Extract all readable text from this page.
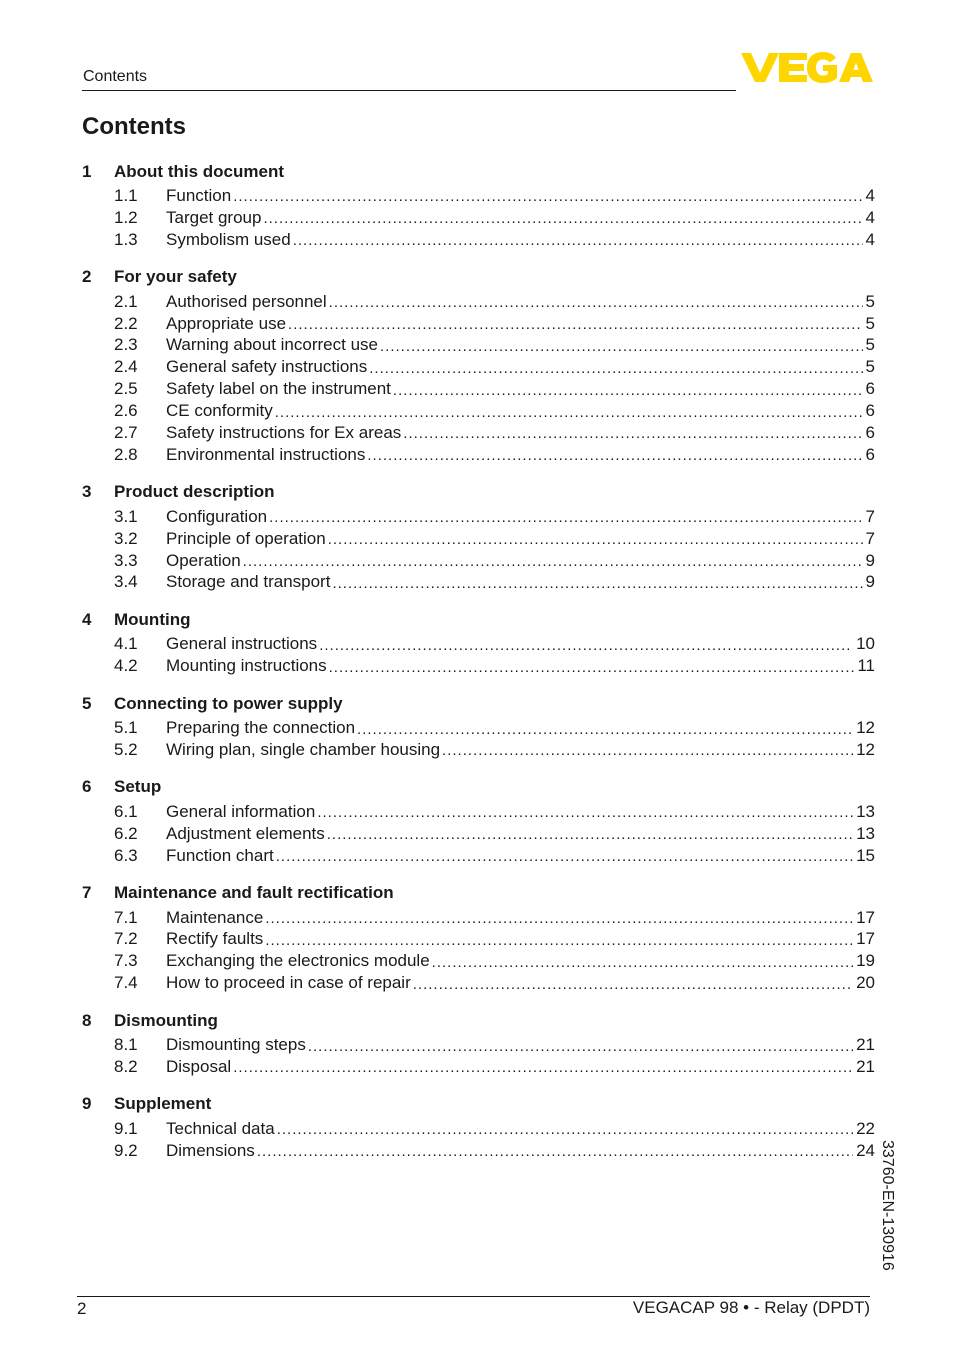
Contents
Contents
1	About this document
1.1	Function .....	4
1.2	Target group .....	4
1.3	Symbolism used .....	4
2	For your safety
2.1	Authorised personnel .....	5
2.2	Appropriate use .....	5
2.3	Warning about incorrect use .....	5
2.4	General safety instructions .....	5
2.5	Safety label on the instrument .....	6
2.6	CE conformity .....	6
2.7	Safety instructions for Ex areas .....	6
2.8	Environmental instructions .....	6
3	Product description
3.1	Configuration .....	7
3.2	Principle of operation .....	7
3.3	Operation .....	9
3.4	Storage and transport .....	9
4	Mounting
4.1	General instructions .....	10
4.2	Mounting instructions .....	11
5	Connecting to power supply
5.1	Preparing the connection .....	12
5.2	Wiring plan, single chamber housing .....	12
6	Setup
6.1	General information .....	13
6.2	Adjustment elements .....	13
6.3	Function chart .....	15
7	Maintenance and fault rectification
7.1	Maintenance .....	17
7.2	Rectify faults .....	17
7.3	Exchanging the electronics module .....	19
7.4	How to proceed in case of repair .....	20
8	Dismounting
8.1	Dismounting steps .....	21
8.2	Disposal .....	21
9	Supplement
9.1	Technical data .....	22
9.2	Dimensions .....	24 33760-EN-130916
2	VEGACAP 98 • - Relay (DPDT)
